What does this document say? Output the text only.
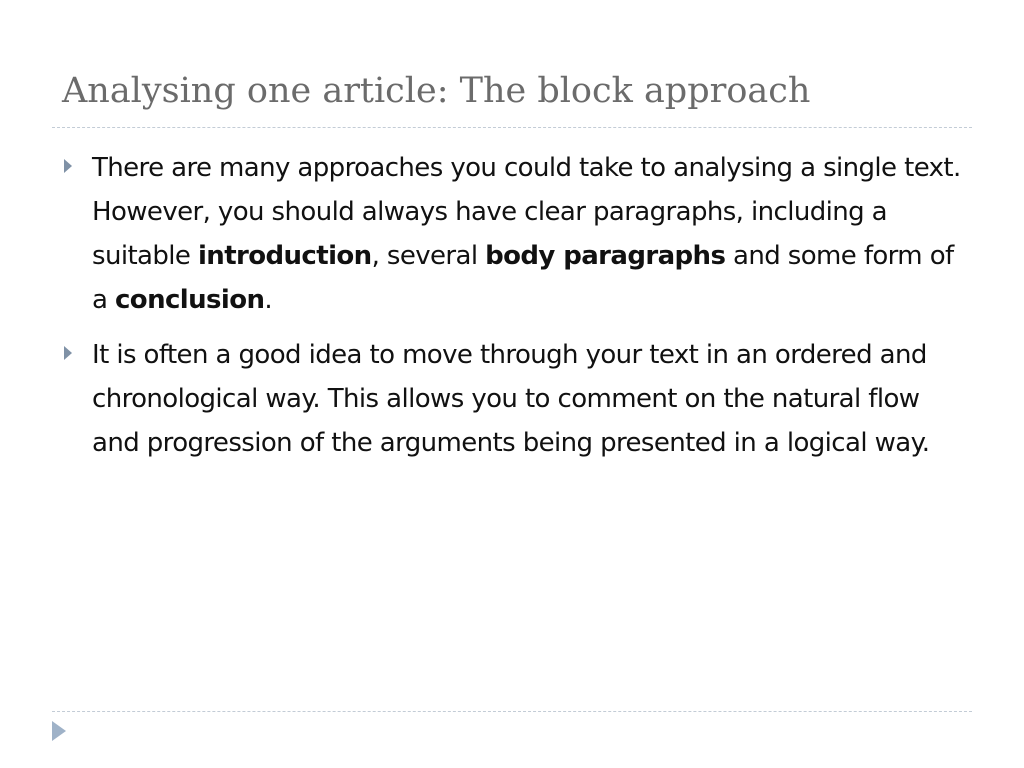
Analysing one article: The block approach
There are many approaches you could take to analysing a single text. However, you should always have clear paragraphs, including a suitable introduction, several body paragraphs and some form of a conclusion.
It is often a good idea to move through your text in an ordered and chronological way. This allows you to comment on the natural flow and progression of the arguments being presented in a logical way.
